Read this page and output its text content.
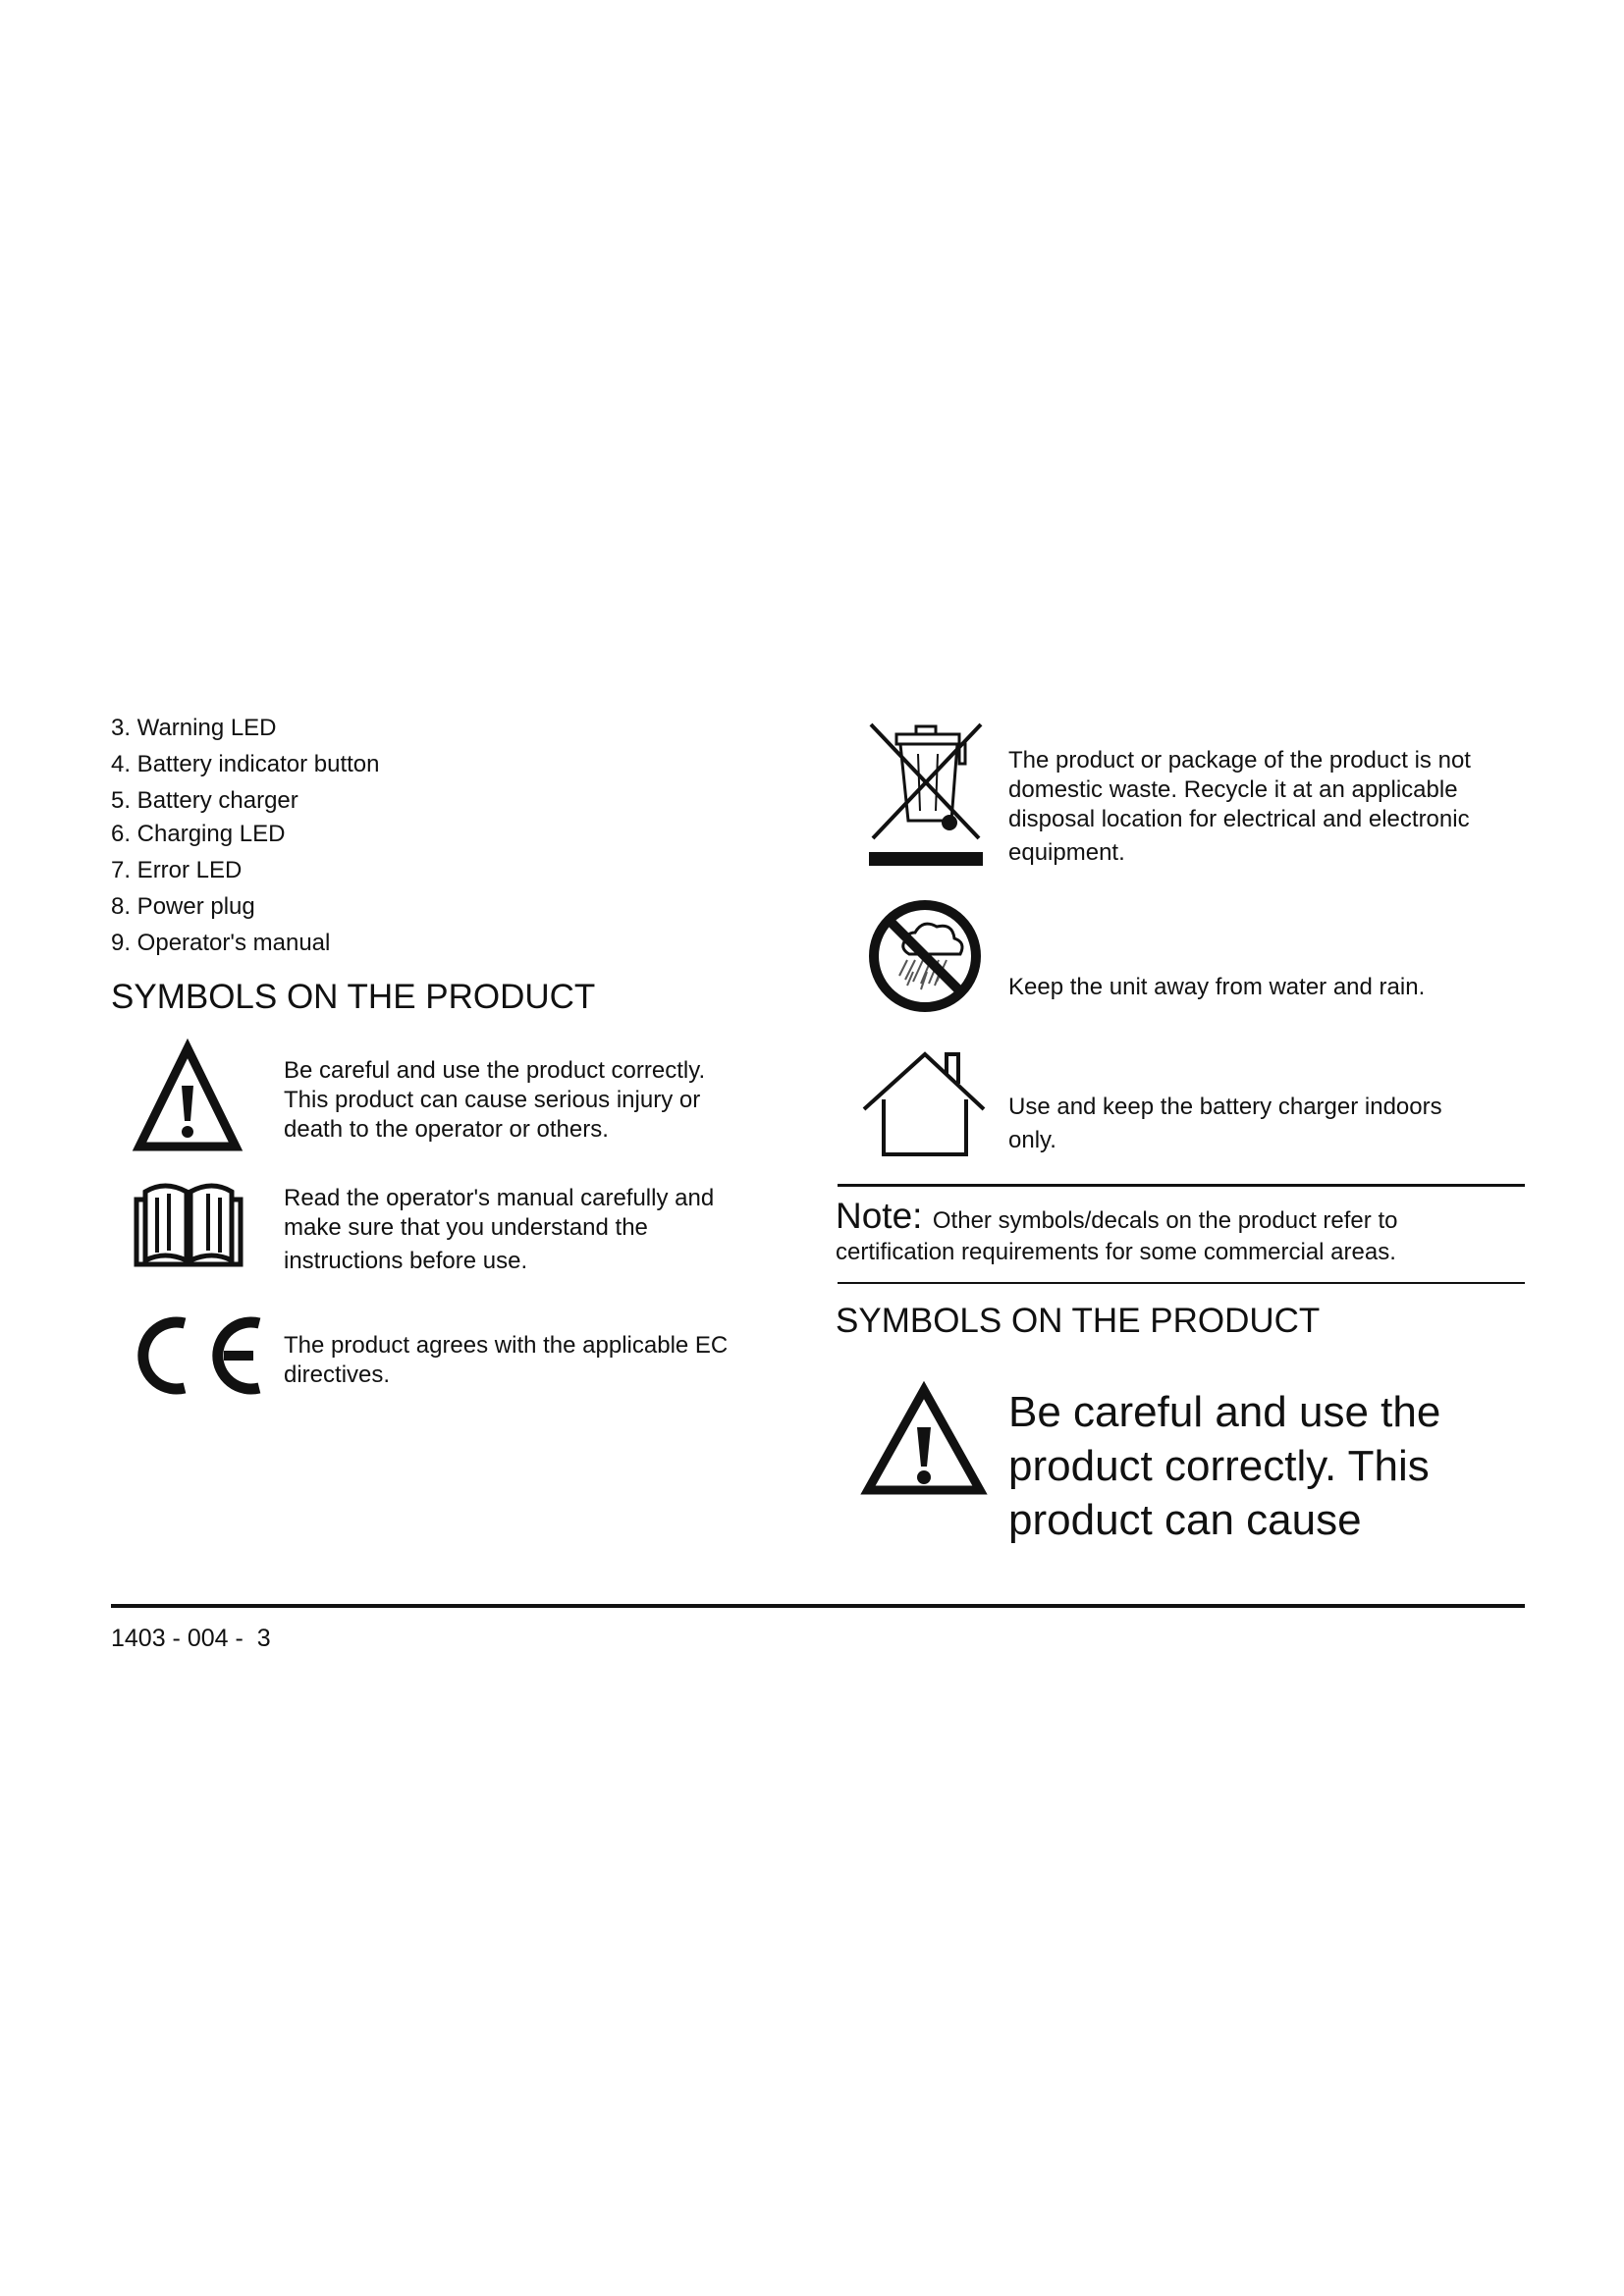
3. Warning LED
4. Battery indicator button
5. Battery charger
6. Charging LED
7. Error LED
8. Power plug
9. Operator's manual
SYMBOLS ON THE PRODUCT
Be careful and use the product correctly.
This product can cause serious injury or
death to the operator or others.
Read the operator's manual carefully and
make sure that you understand the
instructions before use.
The product agrees with the applicable EC
directives.
The product or package of the product is not
domestic waste. Recycle it at an applicable
disposal location for electrical and electronic
equipment.
Keep the unit away from water and rain.
Use and keep the battery charger indoors
only.
Note: Other symbols/decals on the product refer to
certification requirements for some commercial areas.
SYMBOLS ON THE PRODUCT
Be careful and use the
product correctly. This
product can cause
1403 - 004 -  3
